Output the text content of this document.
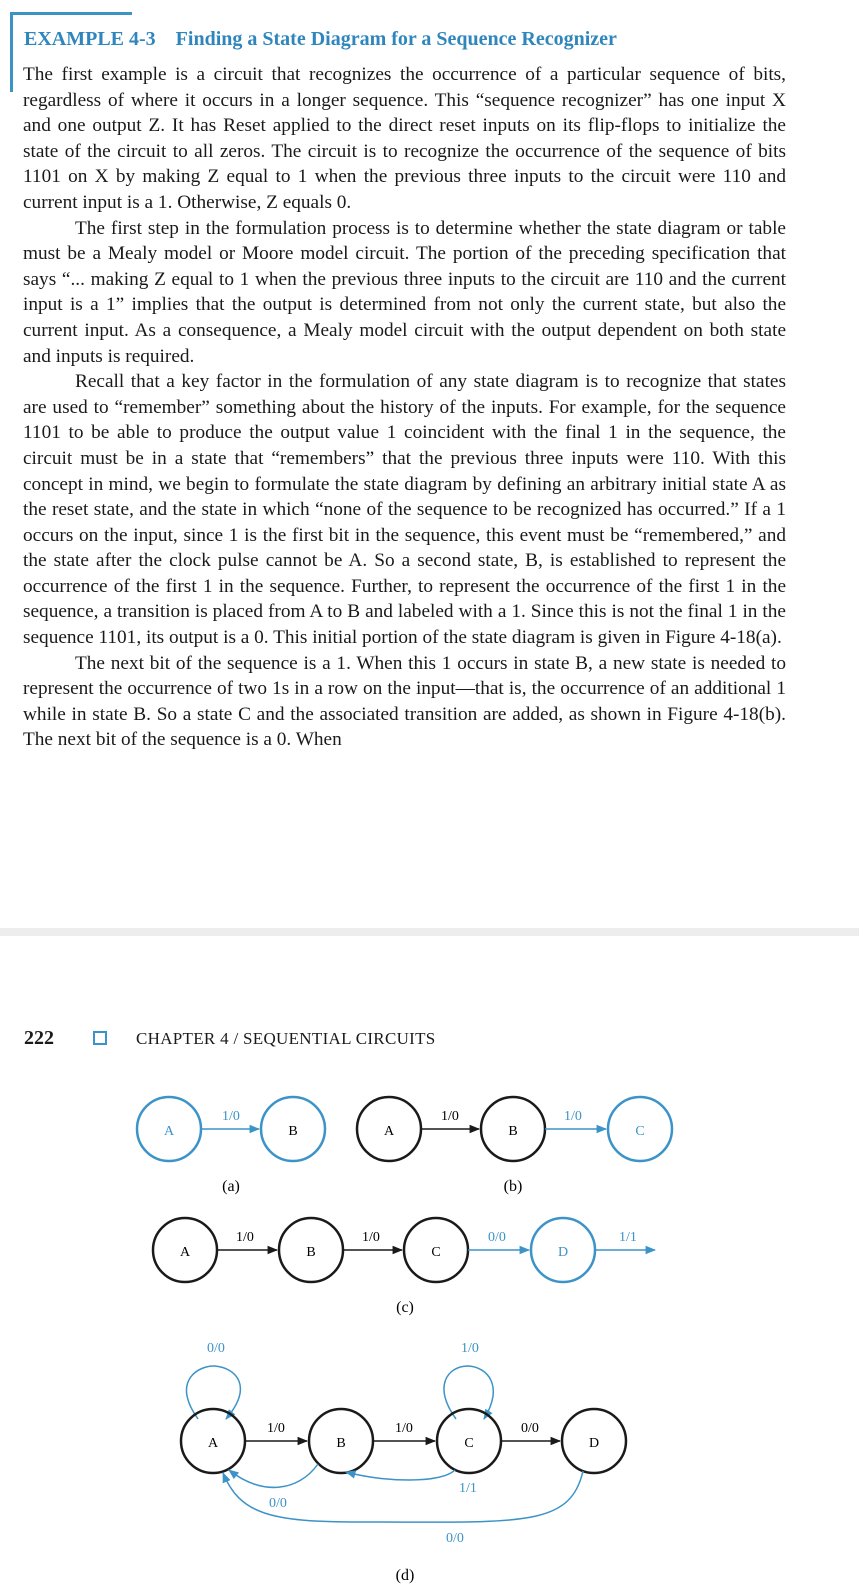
EXAMPLE 4-3 Finding a State Diagram for a Sequence Recognizer

The first example is a circuit that recognizes the occurrence of a particular sequence of bits, regardless of where it occurs in a longer sequence. This “sequence recognizer” has one input X and one output Z. It has Reset applied to the direct reset inputs on its flip-flops to initialize the state of the circuit to all zeros. The circuit is to recognize the occurrence of the sequence of bits 1101 on X by making Z equal to 1 when the previous three inputs to the circuit were 110 and current input is a 1. Otherwise, Z equals 0.

The first step in the formulation process is to determine whether the state diagram or table must be a Mealy model or Moore model circuit. The portion of the preceding specification that says “... making Z equal to 1 when the previous three inputs to the circuit are 110 and the current input is a 1” implies that the output is determined from not only the current state, but also the current input. As a consequence, a Mealy model circuit with the output dependent on both state and inputs is required.

Recall that a key factor in the formulation of any state diagram is to recognize that states are used to “remember” something about the history of the inputs. For example, for the sequence 1101 to be able to produce the output value 1 coincident with the final 1 in the sequence, the circuit must be in a state that “remembers” that the previous three inputs were 110. With this concept in mind, we begin to formulate the state diagram by defining an arbitrary initial state A as the reset state, and the state in which “none of the sequence to be recognized has occurred.” If a 1 occurs on the input, since 1 is the first bit in the sequence, this event must be “remembered,” and the state after the clock pulse cannot be A. So a second state, B, is established to represent the occurrence of the first 1 in the sequence. Further, to represent the occurrence of the first 1 in the sequence, a transition is placed from A to B and labeled with a 1. Since this is not the final 1 in the sequence 1101, its output is a 0. This initial portion of the state diagram is given in Figure 4-18(a).

The next bit of the sequence is a 1. When this 1 occurs in state B, a new state is needed to represent the occurrence of two 1s in a row on the input—that is, the occurrence of an additional 1 while in state B. So a state C and the associated transition are added, as shown in Figure 4-18(b). The next bit of the sequence is a 0. When

222	CHAPTER 4 / SEQUENTIAL CIRCUITS
A	B
1/0
(a)
A	B	C
1/0	1/0
(b)
A	B	C	D
1/0	1/0	0/0	1/1
(c)
0/0	1/0
A	B	C	D
1/0	1/0	0/0
0/0
1/1
0/0
(d)
